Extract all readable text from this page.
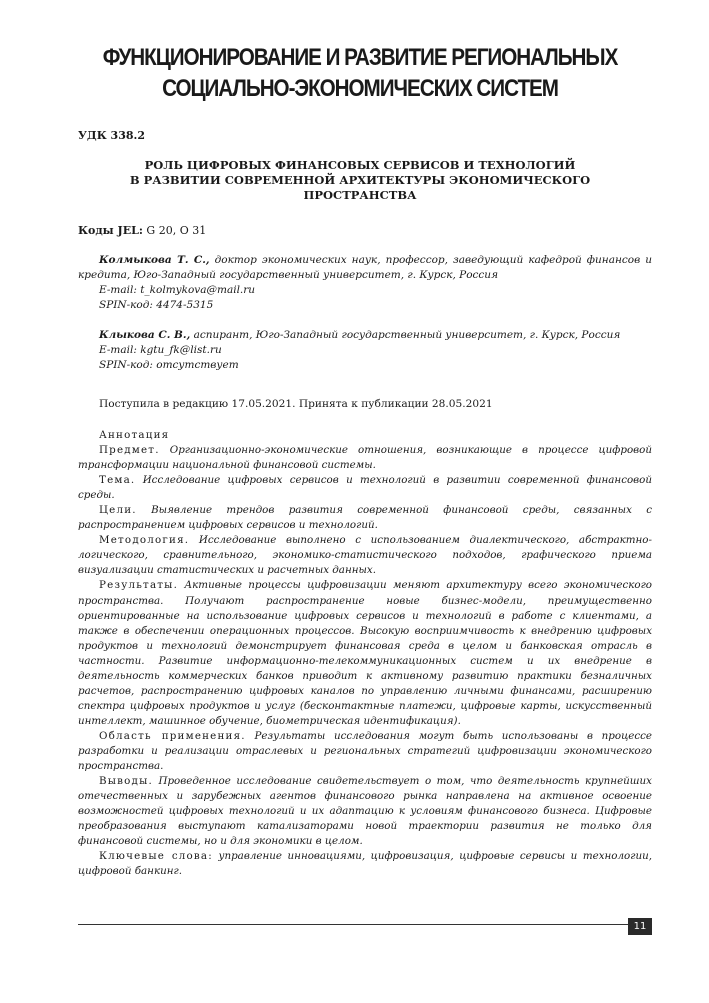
ФУНКЦИОНИРОВАНИЕ И РАЗВИТИЕ РЕГИОНАЛЬНЫХ
СОЦИАЛЬНО-ЭКОНОМИЧЕСКИХ СИСТЕМ
УДК 338.2
РОЛЬ ЦИФРОВЫХ ФИНАНСОВЫХ СЕРВИСОВ И ТЕХНОЛОГИЙ
В РАЗВИТИИ СОВРЕМЕННОЙ АРХИТЕКТУРЫ ЭКОНОМИЧЕСКОГО
ПРОСТРАНСТВА
Коды JEL: G 20, O 31

Колмыкова Т. С., доктор экономических наук, профессор, заведующий кафедрой финансов и кредита, Юго-Западный государственный университет, г. Курск, Россия

E-mail: t_kolmykova@mail.ru

SPIN-код: 4474-5315

Клыкова С. В., аспирант, Юго-Западный государственный университет, г. Курск, Россия

E-mail: kgtu_fk@list.ru

SPIN-код: отсутствует

Поступила в редакцию 17.05.2021. Принята к публикации 28.05.2021

Аннотация

Предмет. Организационно-экономические отношения, возникающие в процессе цифровой трансформации национальной финансовой системы.

Тема. Исследование цифровых сервисов и технологий в развитии современной финансовой среды.

Цели. Выявление трендов развития современной финансовой среды, связанных с распространением цифровых сервисов и технологий.

Методология. Исследование выполнено с использованием диалектического, абстрактно-логического, сравнительного, экономико-статистического подходов, графического приема визуализации статистических и расчетных данных.

Результаты. Активные процессы цифровизации меняют архитектуру всего экономического пространства. Получают распространение новые бизнес-модели, преимущественно ориентированные на использование цифровых сервисов и технологий в работе с клиентами, а также в обеспечении операционных процессов. Высокую восприимчивость к внедрению цифровых продуктов и технологий демонстрирует финансовая среда в целом и банковская отрасль в частности. Развитие информационно-телекоммуникационных систем и их внедрение в деятельность коммерческих банков приводит к активному развитию практики безналичных расчетов, распространению цифровых каналов по управлению личными финансами, расширению спектра цифровых продуктов и услуг (бесконтактные платежи, цифровые карты, искусственный интеллект, машинное обучение, биометрическая идентификация).

Область применения. Результаты исследования могут быть использованы в процессе разработки и реализации отраслевых и региональных стратегий цифровизации экономического пространства.

Выводы. Проведенное исследование свидетельствует о том, что деятельность крупнейших отечественных и зарубежных агентов финансового рынка направлена на активное освоение возможностей цифровых технологий и их адаптацию к условиям финансового бизнеса. Цифровые преобразования выступают катализаторами новой траектории развития не только для финансовой системы, но и для экономики в целом.

Ключевые слова: управление инновациями, цифровизация, цифровые сервисы и технологии, цифровой банкинг.

11
